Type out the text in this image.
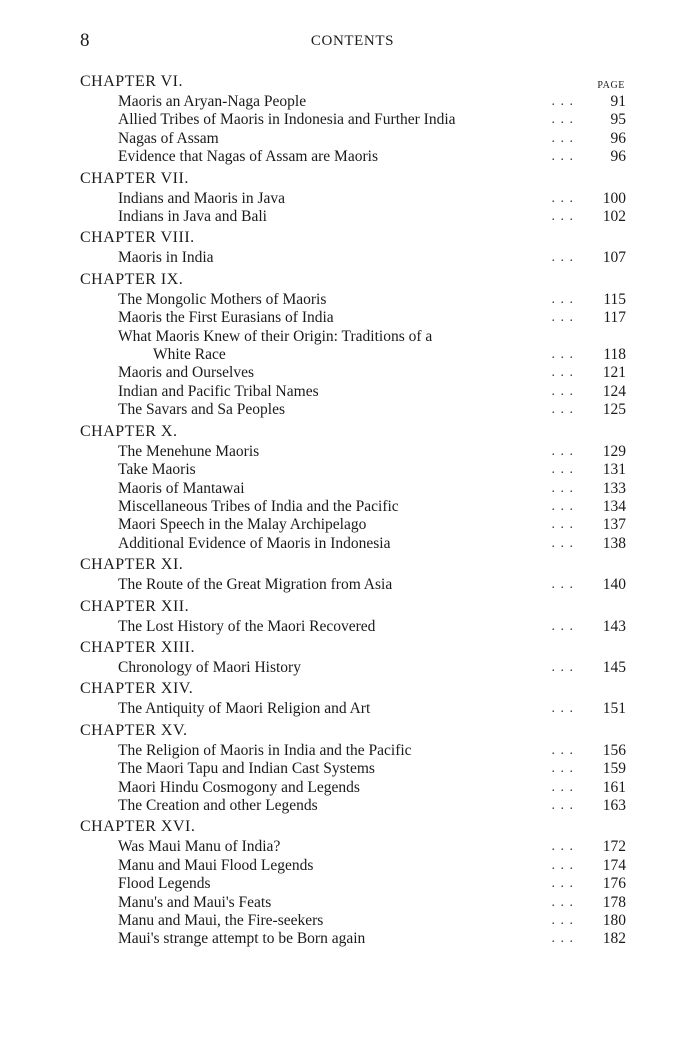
8	CONTENTS
PAGE
CHAPTER VI.
Maoris an Aryan-Naga People	. . .	91
Allied Tribes of Maoris in Indonesia and Further India	. . .	95
Nagas of Assam	. . .	96
Evidence that Nagas of Assam are Maoris	. . .	96
CHAPTER VII.
Indians and Maoris in Java	. . .	100
Indians in Java and Bali	. . .	102
CHAPTER VIII.
Maoris in India	. . .	107
CHAPTER IX.
The Mongolic Mothers of Maoris	. . .	115
Maoris the First Eurasians of India	. . .	117
What Maoris Knew of their Origin: Traditions of a
White Race	. . .	118
Maoris and Ourselves	. . .	121
Indian and Pacific Tribal Names	. . .	124
The Savars and Sa Peoples	. . .	125
CHAPTER X.
The Menehune Maoris	. . .	129
Take Maoris	. . .	131
Maoris of Mantawai	. . .	133
Miscellaneous Tribes of India and the Pacific	. . .	134
Maori Speech in the Malay Archipelago	. . .	137
Additional Evidence of Maoris in Indonesia	. . .	138
CHAPTER XI.
The Route of the Great Migration from Asia	. . .	140
CHAPTER XII.
The Lost History of the Maori Recovered	. . .	143
CHAPTER XIII.
Chronology of Maori History	. . .	145
CHAPTER XIV.
The Antiquity of Maori Religion and Art	. . .	151
CHAPTER XV.
The Religion of Maoris in India and the Pacific	. . .	156
The Maori Tapu and Indian Cast Systems	. . .	159
Maori Hindu Cosmogony and Legends	. . .	161
The Creation and other Legends	. . .	163
CHAPTER XVI.
Was Maui Manu of India?	. . .	172
Manu and Maui Flood Legends	. . .	174
Flood Legends	. . .	176
Manu's and Maui's Feats	. . .	178
Manu and Maui, the Fire-seekers	. . .	180
Maui's strange attempt to be Born again	. . .	182
